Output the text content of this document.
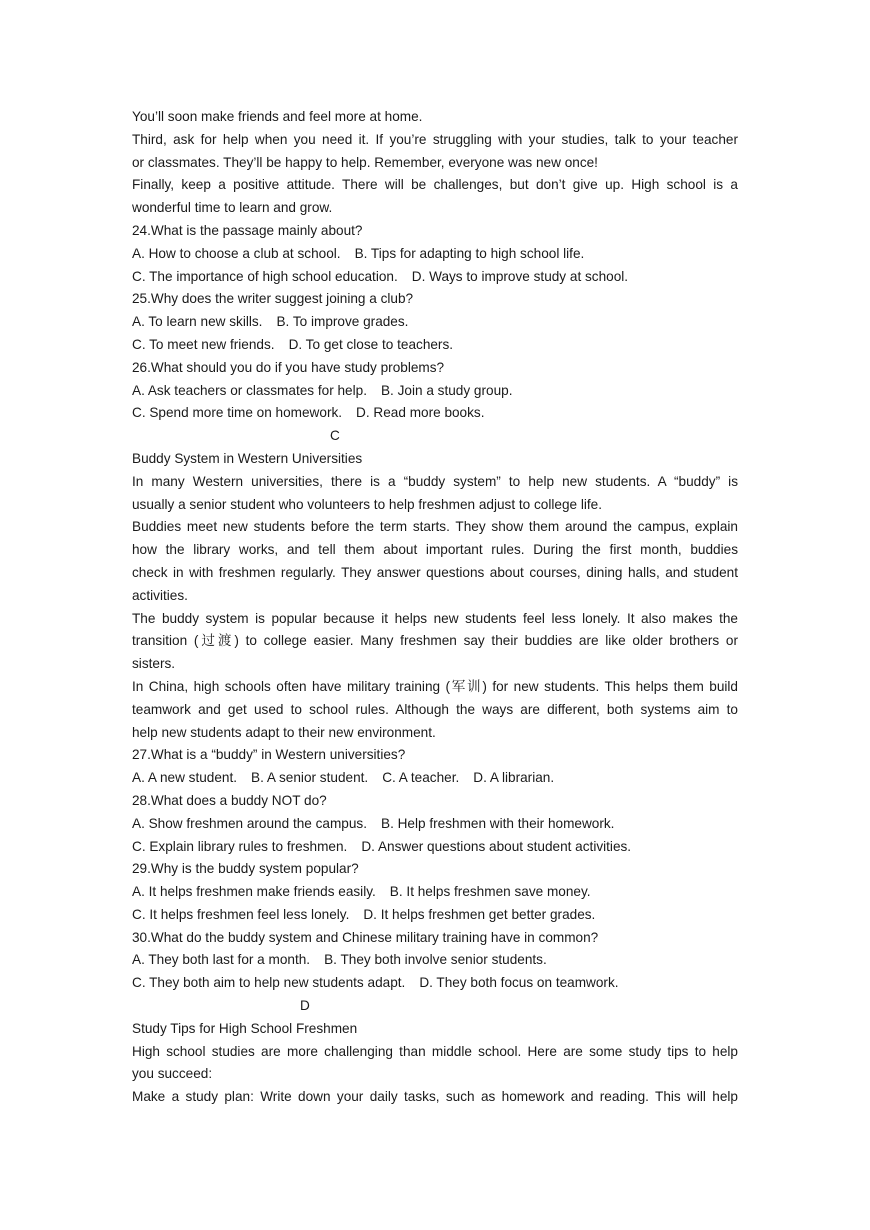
You’ll soon make friends and feel more at home.
Third, ask for help when you need it. If you’re struggling with your studies, talk to your teacher
or classmates. They’ll be happy to help. Remember, everyone was new once!
Finally, keep a positive attitude. There will be challenges, but don’t give up. High school is a
wonderful time to learn and grow.
24.What is the passage mainly about?
A. How to choose a club at school. B. Tips for adapting to high school life.
C. The importance of high school education. D. Ways to improve study at school.
25.Why does the writer suggest joining a club?
A. To learn new skills. B. To improve grades.
C. To meet new friends. D. To get close to teachers.
26.What should you do if you have study problems?
A. Ask teachers or classmates for help. B. Join a study group.
C. Spend more time on homework. D. Read more books.
C
Buddy System in Western Universities
In many Western universities, there is a “buddy system” to help new students. A “buddy” is
usually a senior student who volunteers to help freshmen adjust to college life.
Buddies meet new students before the term starts. They show them around the campus, explain
how the library works, and tell them about important rules. During the first month, buddies
check in with freshmen regularly. They answer questions about courses, dining halls, and student
activities.
The buddy system is popular because it helps new students feel less lonely. It also makes the
transition (过渡) to college easier. Many freshmen say their buddies are like older brothers or
sisters.
In China, high schools often have military training (军训) for new students. This helps them build
teamwork and get used to school rules. Although the ways are different, both systems aim to
help new students adapt to their new environment.
27.What is a “buddy” in Western universities?
A. A new student. B. A senior student. C. A teacher. D. A librarian.
28.What does a buddy NOT do?
A. Show freshmen around the campus. B. Help freshmen with their homework.
C. Explain library rules to freshmen. D. Answer questions about student activities.
29.Why is the buddy system popular?
A. It helps freshmen make friends easily. B. It helps freshmen save money.
C. It helps freshmen feel less lonely. D. It helps freshmen get better grades.
30.What do the buddy system and Chinese military training have in common?
A. They both last for a month. B. They both involve senior students.
C. They both aim to help new students adapt. D. They both focus on teamwork.
D
Study Tips for High School Freshmen
High school studies are more challenging than middle school. Here are some study tips to help
you succeed:
Make a study plan: Write down your daily tasks, such as homework and reading. This will help
